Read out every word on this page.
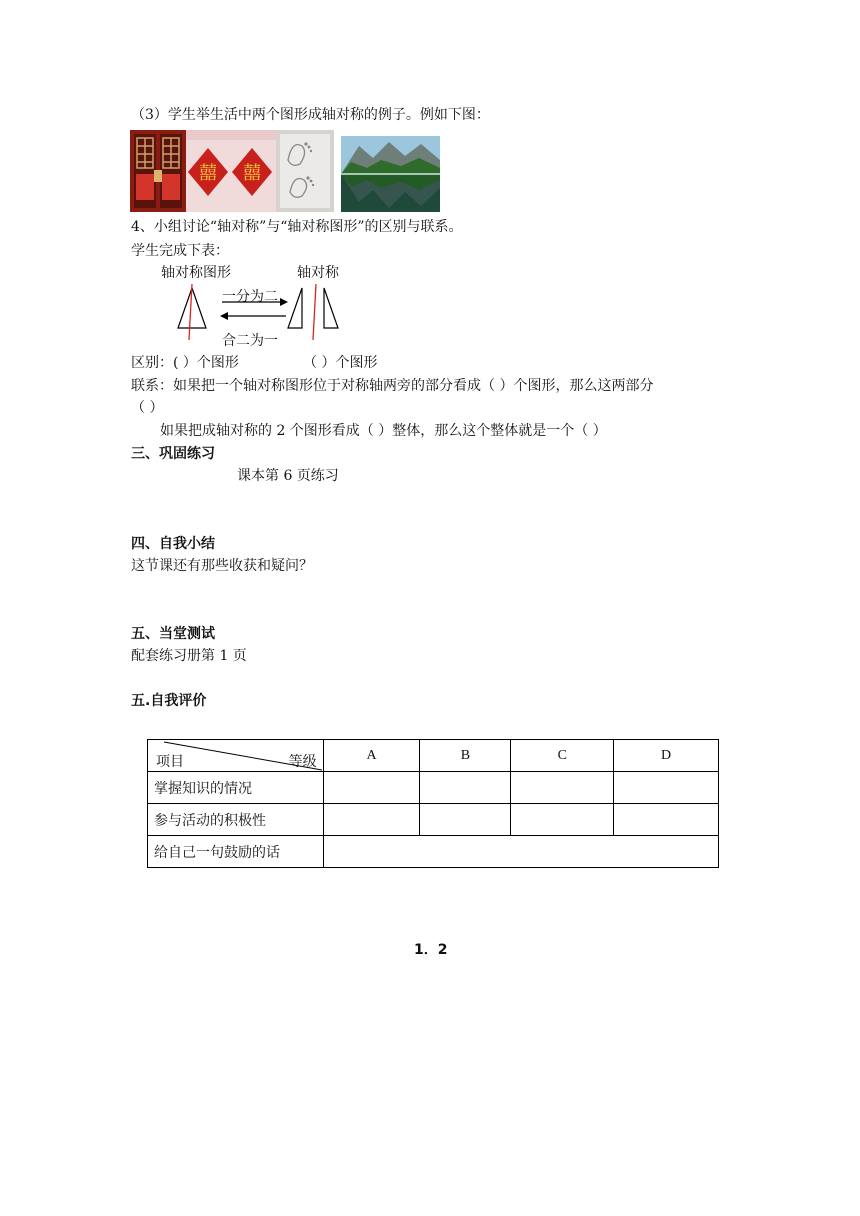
（3）学生举生活中两个图形成轴对称的例子。例如下图：
囍 囍
4、小组讨论“轴对称”与“轴对称图形”的区别与联系。
学生完成下表：
轴对称图形	轴对称
一分为二
合二为一
区别：( ）个图形	（ ）个图形
联系：如果把一个轴对称图形位于对称轴两旁的部分看成（ ）个图形，那么这两部分
（ ）
如果把成轴对称的 2 个图形看成（ ）整体，那么这个整体就是一个（ ）
三、巩固练习
课本第 6 页练习
四、自我小结
这节课还有那些收获和疑问？
五、当堂测试
配套练习册第 1 页
五.自我评价
项目 等级	A	B	C	D
掌握知识的情况				
参与活动的积极性				
给自己一句鼓励的话				
1．2
